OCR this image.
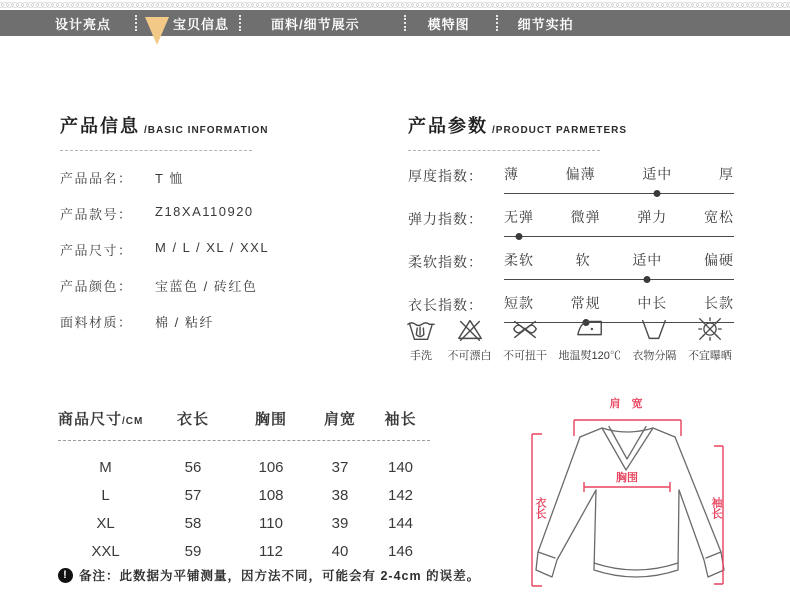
设计亮点	宝贝信息	面料/细节展示	模特图	细节实拍
产品信息 /BASIC INFORMATION
产品品名：	T 恤
产品款号：	Z18XA110920
产品尺寸：	M / L / XL / XXL
产品颜色：	宝蓝色 / 砖红色
面料材质：	棉 / 粘纤
产品参数 /PRODUCT PARMETERS
厚度指数：	薄	偏薄	适中	厚
弹力指数：	无弹	微弹	弹力	宽松
柔软指数：	柔软	软	适中	偏硬
衣长指数：	短款	常规	中长	长款
手洗 不可漂白 不可扭干 地温熨120℃ 衣物分隔 不宜曝晒
商品尺寸/CM	衣长	胸围	肩宽	袖长
M	56	106	37	140
L	57	108	38	142
XL	58	110	39	144
XXL	59	112	40	146
! 备注：此数据为平铺测量，因方法不同，可能会有 2-4cm 的误差。
肩 宽
胸围
衣长	袖长
